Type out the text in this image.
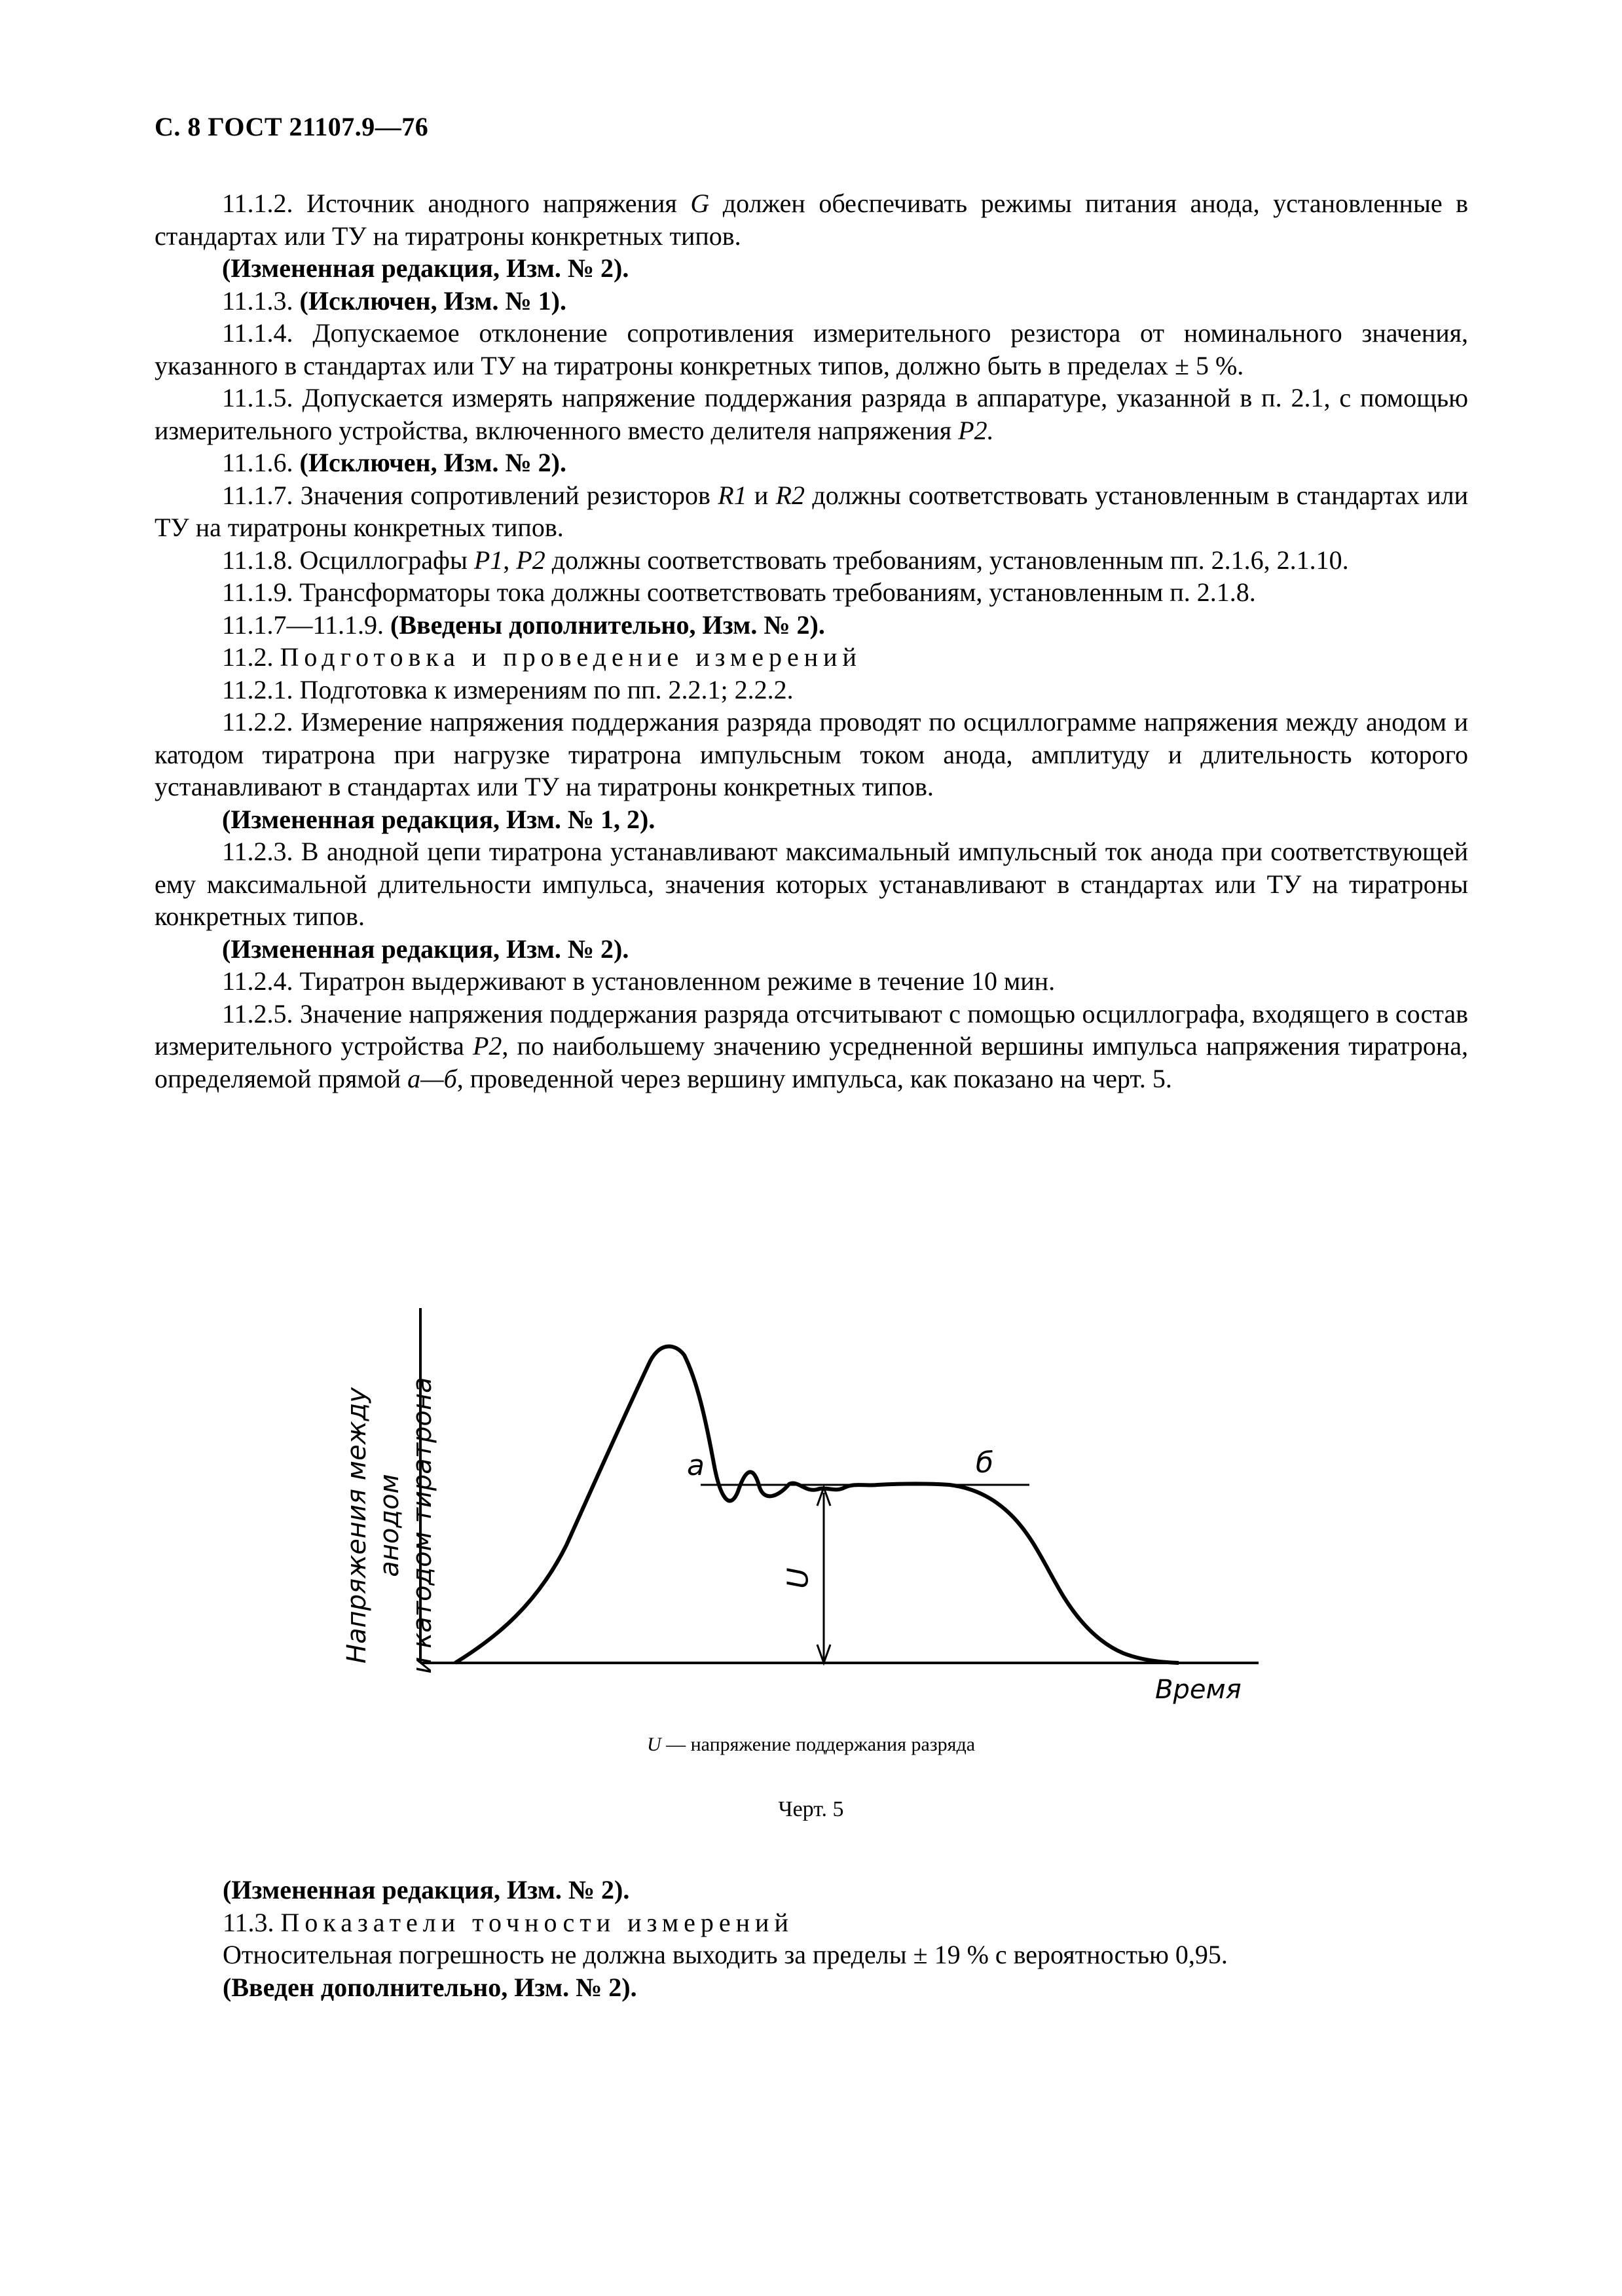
С. 8 ГОСТ 21107.9—76

11.1.2. Источник анодного напряжения G должен обеспечивать режимы питания анода, установленные в стандартах или ТУ на тиратроны конкретных типов.

(Измененная редакция, Изм. № 2).

11.1.3. (Исключен, Изм. № 1).

11.1.4. Допускаемое отклонение сопротивления измерительного резистора от номинального значения, указанного в стандартах или ТУ на тиратроны конкретных типов, должно быть в пределах ± 5 %.

11.1.5. Допускается измерять напряжение поддержания разряда в аппаратуре, указанной в п. 2.1, с помощью измерительного устройства, включенного вместо делителя напряжения P2.

11.1.6. (Исключен, Изм. № 2).

11.1.7. Значения сопротивлений резисторов R1 и R2 должны соответствовать установленным в стандартах или ТУ на тиратроны конкретных типов.

11.1.8. Осциллографы P1, P2 должны соответствовать требованиям, установленным пп. 2.1.6, 2.1.10.

11.1.9. Трансформаторы тока должны соответствовать требованиям, установленным п. 2.1.8.

11.1.7—11.1.9. (Введены дополнительно, Изм. № 2).

11.2. Подготовка и проведение измерений

11.2.1. Подготовка к измерениям по пп. 2.2.1; 2.2.2.

11.2.2. Измерение напряжения поддержания разряда проводят по осциллограмме напряжения между анодом и катодом тиратрона при нагрузке тиратрона импульсным током анода, амплитуду и длительность которого устанавливают в стандартах или ТУ на тиратроны конкретных типов.

(Измененная редакция, Изм. № 1, 2).

11.2.3. В анодной цепи тиратрона устанавливают максимальный импульсный ток анода при соответствующей ему максимальной длительности импульса, значения которых устанавливают в стандартах или ТУ на тиратроны конкретных типов.

(Измененная редакция, Изм. № 2).

11.2.4. Тиратрон выдерживают в установленном режиме в течение 10 мин.

11.2.5. Значение напряжения поддержания разряда отсчитывают с помощью осциллографа, входящего в состав измерительного устройства P2, по наибольшему значению усредненной вершины импульса напряжения тиратрона, определяемой прямой а—б, проведенной через вершину импульса, как показано на черт. 5.

Напряжения между анодом и катодом тиратрона	а	б
U
Время
U — напряжение поддержания разряда
Черт. 5

(Измененная редакция, Изм. № 2).

11.3. Показатели точности измерений

Относительная погрешность не должна выходить за пределы ± 19 % с вероятностью 0,95.

(Введен дополнительно, Изм. № 2).
